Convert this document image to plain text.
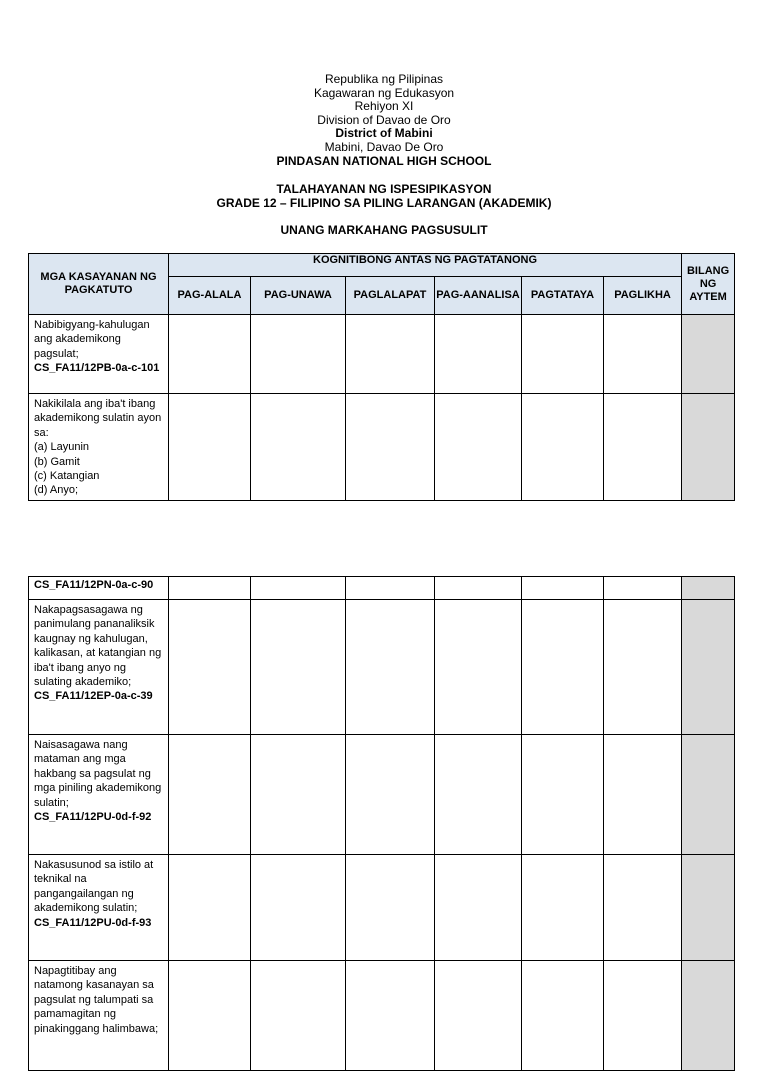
Republika ng Pilipinas
Kagawaran ng Edukasyon
Rehiyon XI
Division of Davao de Oro
District of Mabini
Mabini, Davao De Oro
PINDASAN NATIONAL HIGH SCHOOL
TALAHAYANAN NG ISPESIPIKASYON
GRADE 12 – FILIPINO SA PILING LARANGAN (AKADEMIK)
UNANG MARKAHANG PAGSUSULIT
MGA KASAYANAN NG PAGKATUTO	KOGNITIBONG ANTAS NG PAGTATANONG						BILANG NG AYTEM
	PAG-ALALA	PAG-UNAWA	PAGLALAPAT	PAG-AANALISA	PAGTATAYA	PAGLIKHA	

Nabibigyang-kahulugan ang akademikong pagsulat;
CS_FA11/12PB-0a-c-101							

Nakikilala ang iba't ibang akademikong sulatin ayon sa:
(a) Layunin
(b) Gamit
(c) Katangian
(d) Anyo;							

CS_FA11/12PN-0a-c-90							

Nakapagsasagawa ng panimulang pananaliksik kaugnay ng kahulugan, kalikasan, at katangian ng iba't ibang anyo ng sulating akademiko;
CS_FA11/12EP-0a-c-39							

Naisasagawa nang mataman ang mga hakbang sa pagsulat ng mga piniling akademikong sulatin;
CS_FA11/12PU-0d-f-92							

Nakasusunod sa istilo at teknikal na pangangailangan ng akademikong sulatin;
CS_FA11/12PU-0d-f-93							

Napagtitibay ang natamong kasanayan sa pagsulat ng talumpati sa pamamagitan ng pinakinggang halimbawa;							
